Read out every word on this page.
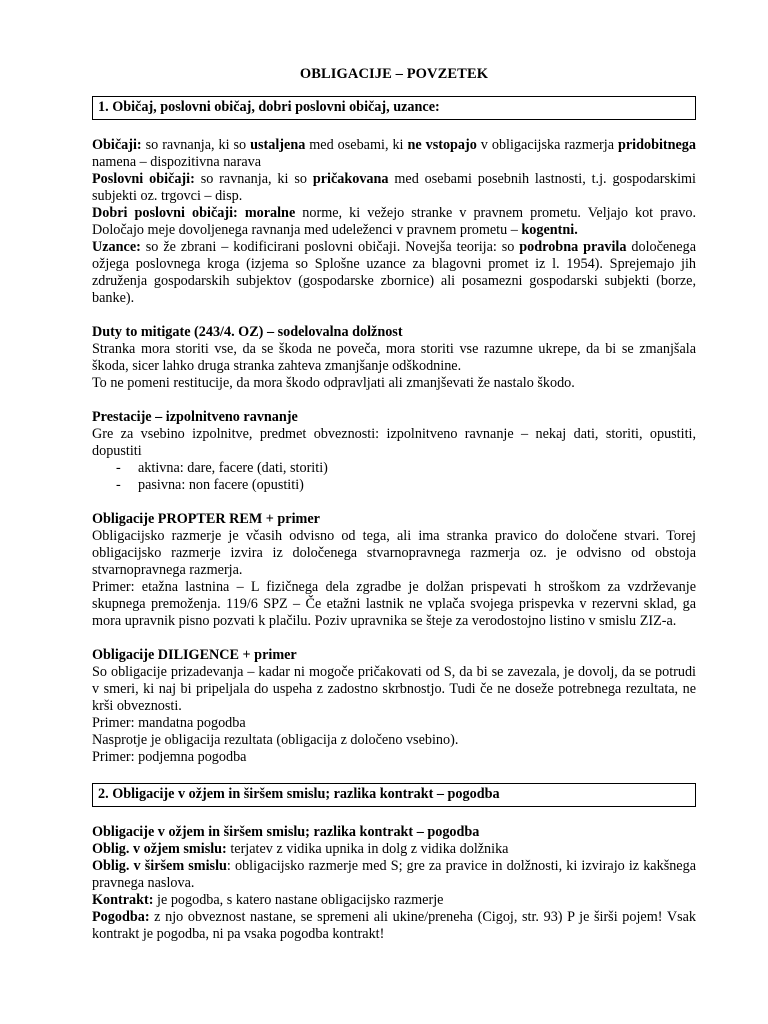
OBLIGACIJE – POVZETEK
1. Običaj, poslovni običaj, dobri poslovni običaj, uzance:

Običaji: so ravnanja, ki so ustaljena med osebami, ki ne vstopajo v obligacijska razmerja pridobitnega namena – dispozitivna narava

Poslovni običaji: so ravnanja, ki so pričakovana med osebami posebnih lastnosti, t.j. gospodarskimi subjekti oz. trgovci – disp.

Dobri poslovni običaji: moralne norme, ki vežejo stranke v pravnem prometu. Veljajo kot pravo. Določajo meje dovoljenega ravnanja med udeleženci v pravnem prometu – kogentni.

Uzance: so že zbrani – kodificirani poslovni običaji. Novejša teorija: so podrobna pravila določenega ožjega poslovnega kroga (izjema so Splošne uzance za blagovni promet iz l. 1954). Sprejemajo jih združenja gospodarskih subjektov (gospodarske zbornice) ali posamezni gospodarski subjekti (borze, banke).

Duty to mitigate (243/4. OZ) – sodelovalna dolžnost

Stranka mora storiti vse, da se škoda ne poveča, mora storiti vse razumne ukrepe, da bi se zmanjšala škoda, sicer lahko druga stranka zahteva zmanjšanje odškodnine.

To ne pomeni restitucije, da mora škodo odpravljati ali zmanjševati že nastalo škodo.

Prestacije – izpolnitveno ravnanje

Gre za vsebino izpolnitve, predmet obveznosti: izpolnitveno ravnanje – nekaj dati, storiti, opustiti, dopustiti

- aktivna: dare, facere (dati, storiti)
- pasivna: non facere (opustiti)

Obligacije PROPTER REM + primer

Obligacijsko razmerje je včasih odvisno od tega, ali ima stranka pravico do določene stvari. Torej obligacijsko razmerje izvira iz določenega stvarnopravnega razmerja oz. je odvisno od obstoja stvarnopravnega razmerja.

Primer: etažna lastnina – L fizičnega dela zgradbe je dolžan prispevati h stroškom za vzdrževanje skupnega premoženja. 119/6 SPZ – Če etažni lastnik ne vplača svojega prispevka v rezervni sklad, ga mora upravnik pisno pozvati k plačilu. Poziv upravnika se šteje za verodostojno listino v smislu ZIZ-a.

Obligacije DILIGENCE + primer

So obligacije prizadevanja – kadar ni mogoče pričakovati od S, da bi se zavezala, je dovolj, da se potrudi v smeri, ki naj bi pripeljala do uspeha z zadostno skrbnostjo. Tudi če ne doseže potrebnega rezultata, ne krši obveznosti.

Primer: mandatna pogodba

Nasprotje je obligacija rezultata (obligacija z določeno vsebino).

Primer: podjemna pogodba

2. Obligacije v ožjem in širšem smislu; razlika kontrakt – pogodba

Obligacije v ožjem in širšem smislu; razlika kontrakt – pogodba

Oblig. v ožjem smislu: terjatev z vidika upnika in dolg z vidika dolžnika

Oblig. v širšem smislu: obligacijsko razmerje med S; gre za pravice in dolžnosti, ki izvirajo iz kakšnega pravnega naslova.

Kontrakt: je pogodba, s katero nastane obligacijsko razmerje

Pogodba: z njo obveznost nastane, se spremeni ali ukine/preneha (Cigoj, str. 93) P je širši pojem! Vsak kontrakt je pogodba, ni pa vsaka pogodba kontrakt!
